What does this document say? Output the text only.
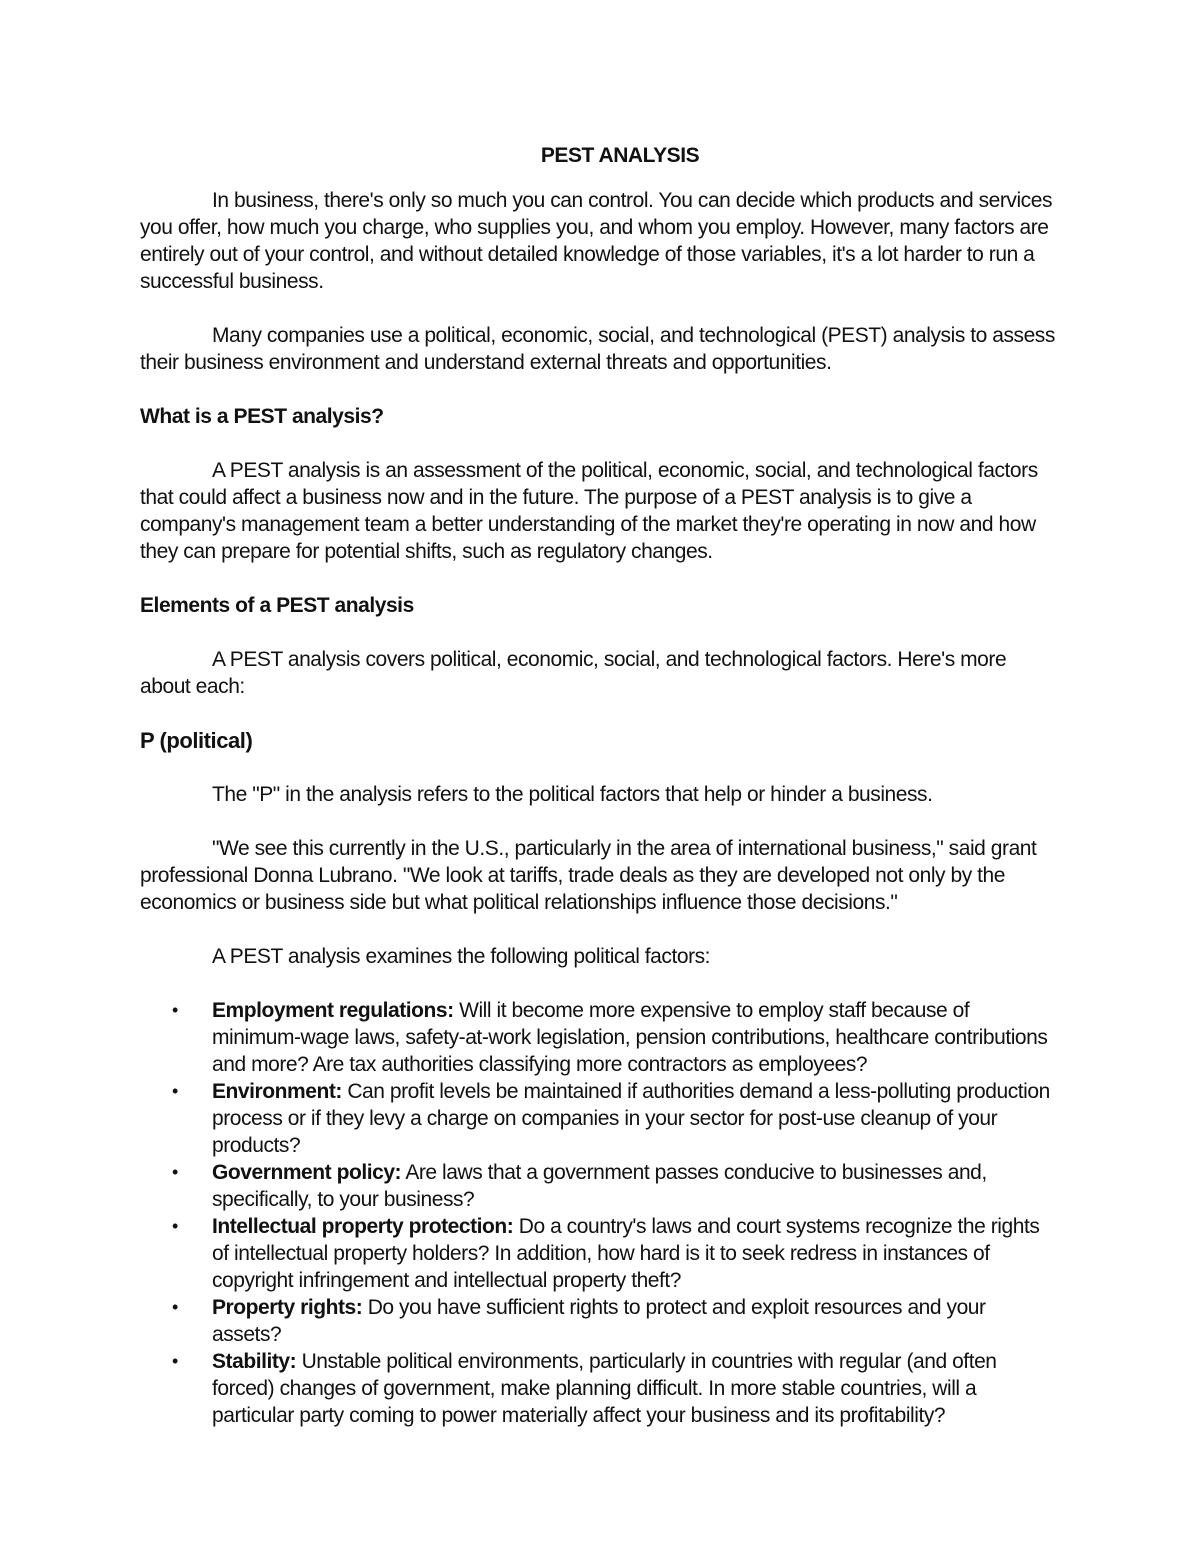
PEST ANALYSIS

In business, there's only so much you can control. You can decide which products and services you offer, how much you charge, who supplies you, and whom you employ. However, many factors are entirely out of your control, and without detailed knowledge of those variables, it's a lot harder to run a successful business.

Many companies use a political, economic, social, and technological (PEST) analysis to assess their business environment and understand external threats and opportunities.

What is a PEST analysis?

A PEST analysis is an assessment of the political, economic, social, and technological factors that could affect a business now and in the future. The purpose of a PEST analysis is to give a company's management team a better understanding of the market they're operating in now and how they can prepare for potential shifts, such as regulatory changes.

Elements of a PEST analysis

A PEST analysis covers political, economic, social, and technological factors. Here's more about each:

P (political)

The "P" in the analysis refers to the political factors that help or hinder a business.

"We see this currently in the U.S., particularly in the area of international business," said grant professional Donna Lubrano. "We look at tariffs, trade deals as they are developed not only by the economics or business side but what political relationships influence those decisions."

A PEST analysis examines the following political factors:

• Employment regulations: Will it become more expensive to employ staff because of minimum-wage laws, safety-at-work legislation, pension contributions, healthcare contributions and more? Are tax authorities classifying more contractors as employees?
• Environment: Can profit levels be maintained if authorities demand a less-polluting production process or if they levy a charge on companies in your sector for post-use cleanup of your products?
• Government policy: Are laws that a government passes conducive to businesses and, specifically, to your business?
• Intellectual property protection: Do a country's laws and court systems recognize the rights of intellectual property holders? In addition, how hard is it to seek redress in instances of copyright infringement and intellectual property theft?
• Property rights: Do you have sufficient rights to protect and exploit resources and your assets?
• Stability: Unstable political environments, particularly in countries with regular (and often forced) changes of government, make planning difficult. In more stable countries, will a particular party coming to power materially affect your business and its profitability?
